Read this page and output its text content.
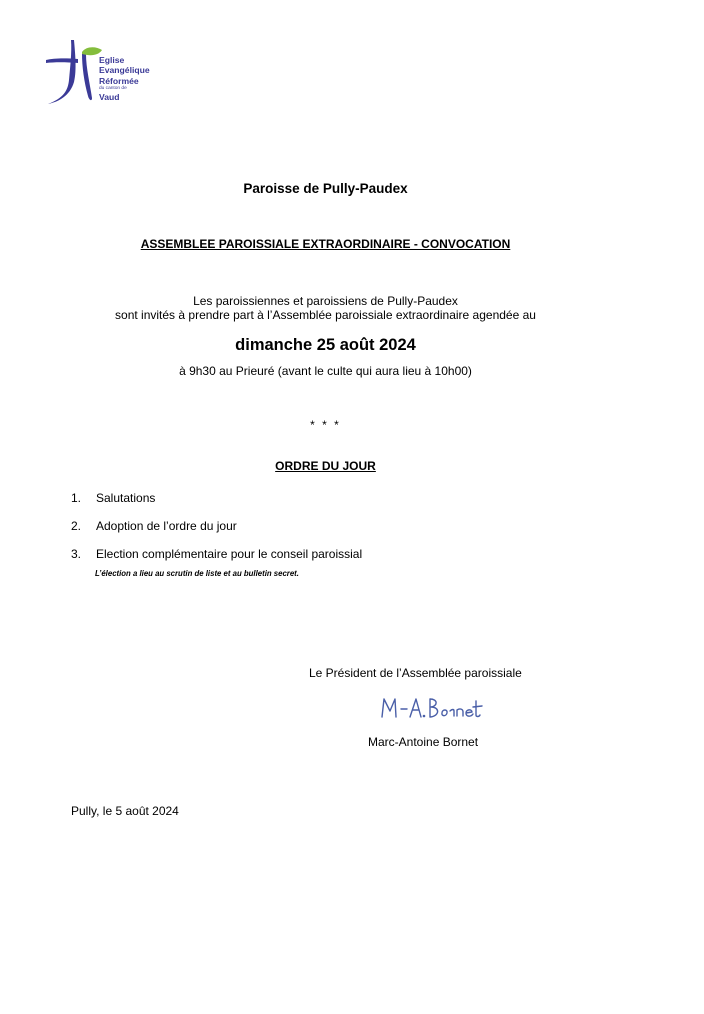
Eglise
Evangélique
Réformée
du canton de
Vaud
Paroisse de Pully-Paudex
ASSEMBLEE PAROISSIALE EXTRAORDINAIRE - CONVOCATION
Les paroissiennes et paroissiens de Pully-Paudex
sont invités à prendre part à l’Assemblée paroissiale extraordinaire agendée au
dimanche 25 août 2024
à 9h30 au Prieuré (avant le culte qui aura lieu à 10h00)
* * *
ORDRE DU JOUR
1. Salutations
2. Adoption de l’ordre du jour
3. Election complémentaire pour le conseil paroissial
L’élection a lieu au scrutin de liste et au bulletin secret.
Le Président de l’Assemblée paroissiale
Marc-Antoine Bornet
Pully, le 5 août 2024
